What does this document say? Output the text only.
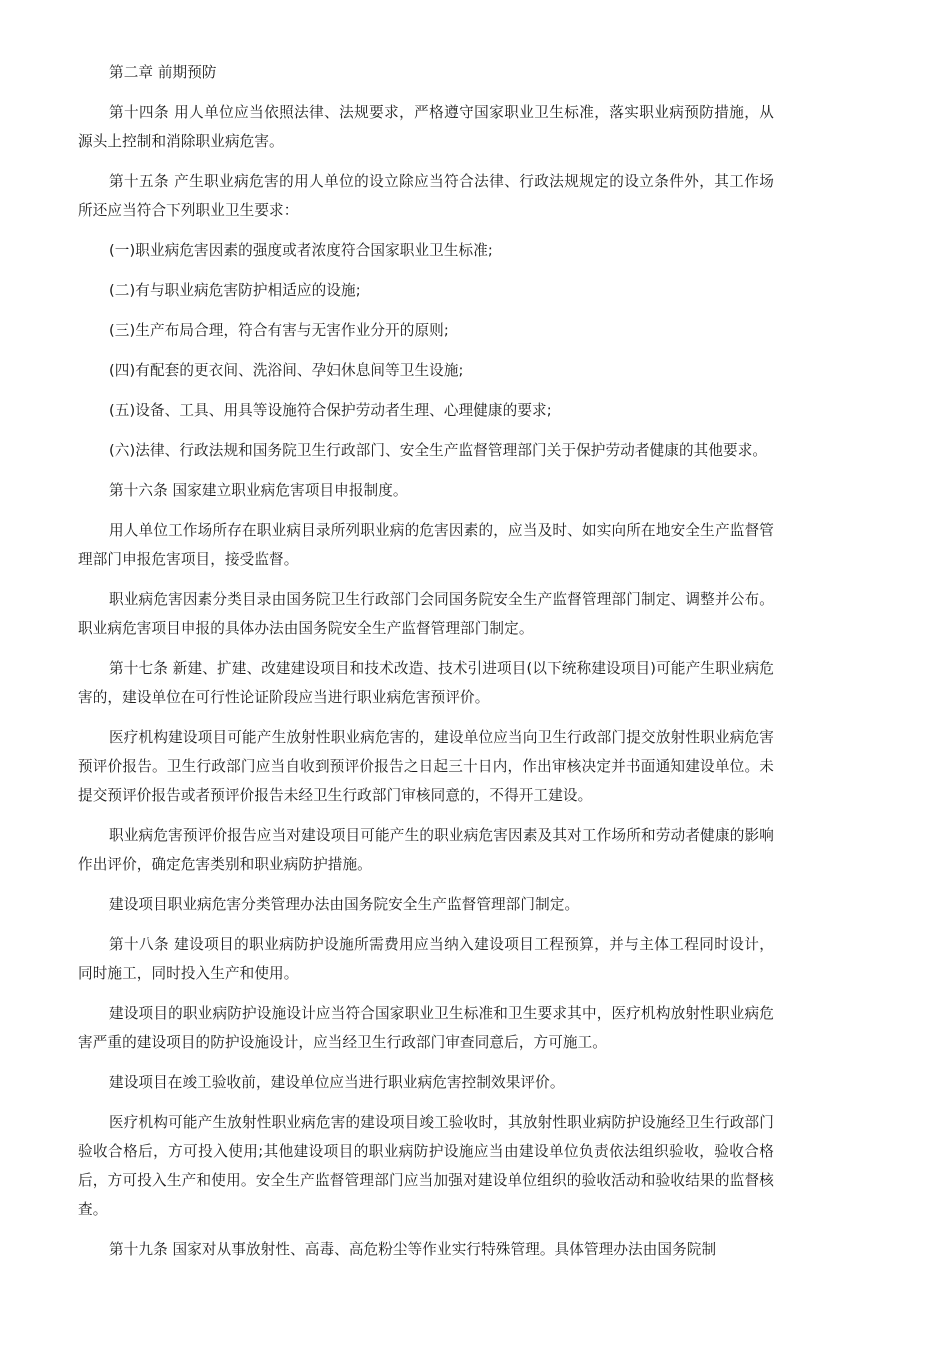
第二章 前期预防

第十四条 用人单位应当依照法律、法规要求，严格遵守国家职业卫生标准，落实职业病预防措施，从源头上控制和消除职业病危害。

第十五条 产生职业病危害的用人单位的设立除应当符合法律、行政法规规定的设立条件外，其工作场所还应当符合下列职业卫生要求：

(一)职业病危害因素的强度或者浓度符合国家职业卫生标准;

(二)有与职业病危害防护相适应的设施;

(三)生产布局合理，符合有害与无害作业分开的原则;

(四)有配套的更衣间、洗浴间、孕妇休息间等卫生设施;

(五)设备、工具、用具等设施符合保护劳动者生理、心理健康的要求;

(六)法律、行政法规和国务院卫生行政部门、安全生产监督管理部门关于保护劳动者健康的其他要求。

第十六条 国家建立职业病危害项目申报制度。

用人单位工作场所存在职业病目录所列职业病的危害因素的，应当及时、如实向所在地安全生产监督管理部门申报危害项目，接受监督。

职业病危害因素分类目录由国务院卫生行政部门会同国务院安全生产监督管理部门制定、调整并公布。职业病危害项目申报的具体办法由国务院安全生产监督管理部门制定。

第十七条 新建、扩建、改建建设项目和技术改造、技术引进项目(以下统称建设项目)可能产生职业病危害的，建设单位在可行性论证阶段应当进行职业病危害预评价。

医疗机构建设项目可能产生放射性职业病危害的，建设单位应当向卫生行政部门提交放射性职业病危害预评价报告。卫生行政部门应当自收到预评价报告之日起三十日内，作出审核决定并书面通知建设单位。未提交预评价报告或者预评价报告未经卫生行政部门审核同意的，不得开工建设。

职业病危害预评价报告应当对建设项目可能产生的职业病危害因素及其对工作场所和劳动者健康的影响作出评价，确定危害类别和职业病防护措施。

建设项目职业病危害分类管理办法由国务院安全生产监督管理部门制定。

第十八条 建设项目的职业病防护设施所需费用应当纳入建设项目工程预算，并与主体工程同时设计，同时施工，同时投入生产和使用。

建设项目的职业病防护设施设计应当符合国家职业卫生标准和卫生要求其中，医疗机构放射性职业病危害严重的建设项目的防护设施设计，应当经卫生行政部门审查同意后，方可施工。

建设项目在竣工验收前，建设单位应当进行职业病危害控制效果评价。

医疗机构可能产生放射性职业病危害的建设项目竣工验收时，其放射性职业病防护设施经卫生行政部门验收合格后，方可投入使用;其他建设项目的职业病防护设施应当由建设单位负责依法组织验收，验收合格后，方可投入生产和使用。安全生产监督管理部门应当加强对建设单位组织的验收活动和验收结果的监督核查。

第十九条 国家对从事放射性、高毒、高危粉尘等作业实行特殊管理。具体管理办法由国务院制
